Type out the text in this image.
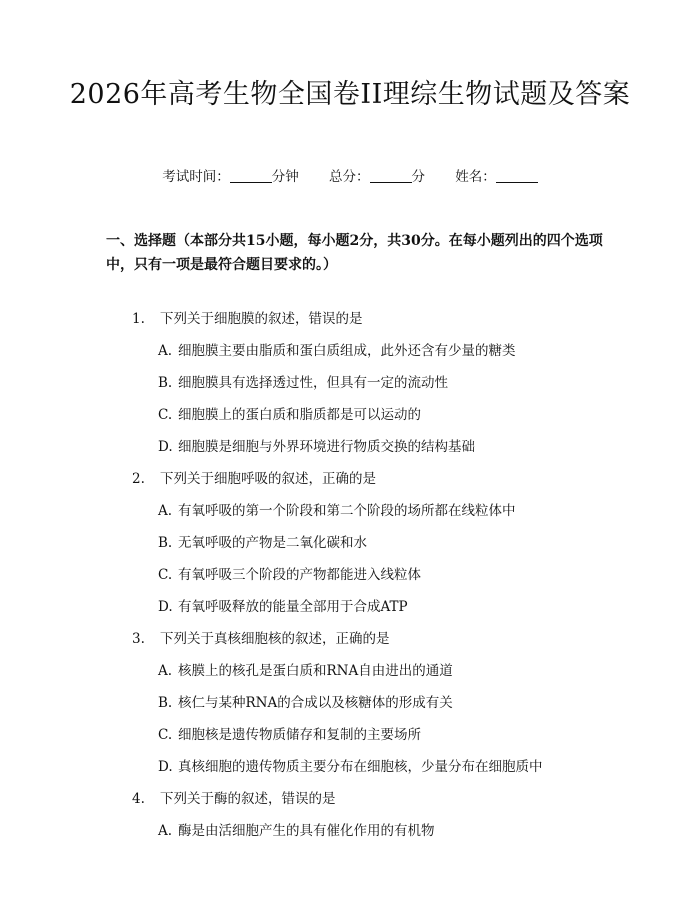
2026年高考生物全国卷II理综生物试题及答案
考试时间：	分钟 总分：	分 姓名：
一、选择题（本部分共15小题，每小题2分，共30分。在每小题列出的四个选项中，只有一项是最符合题目要求的。）
1. 下列关于细胞膜的叙述，错误的是
A. 细胞膜主要由脂质和蛋白质组成，此外还含有少量的糖类
B. 细胞膜具有选择透过性，但具有一定的流动性
C. 细胞膜上的蛋白质和脂质都是可以运动的
D. 细胞膜是细胞与外界环境进行物质交换的结构基础
2. 下列关于细胞呼吸的叙述，正确的是
A. 有氧呼吸的第一个阶段和第二个阶段的场所都在线粒体中
B. 无氧呼吸的产物是二氧化碳和水
C. 有氧呼吸三个阶段的产物都能进入线粒体
D. 有氧呼吸释放的能量全部用于合成ATP
3. 下列关于真核细胞核的叙述，正确的是
A. 核膜上的核孔是蛋白质和RNA自由进出的通道
B. 核仁与某种RNA的合成以及核糖体的形成有关
C. 细胞核是遗传物质储存和复制的主要场所
D. 真核细胞的遗传物质主要分布在细胞核，少量分布在细胞质中
4. 下列关于酶的叙述，错误的是
A. 酶是由活细胞产生的具有催化作用的有机物
